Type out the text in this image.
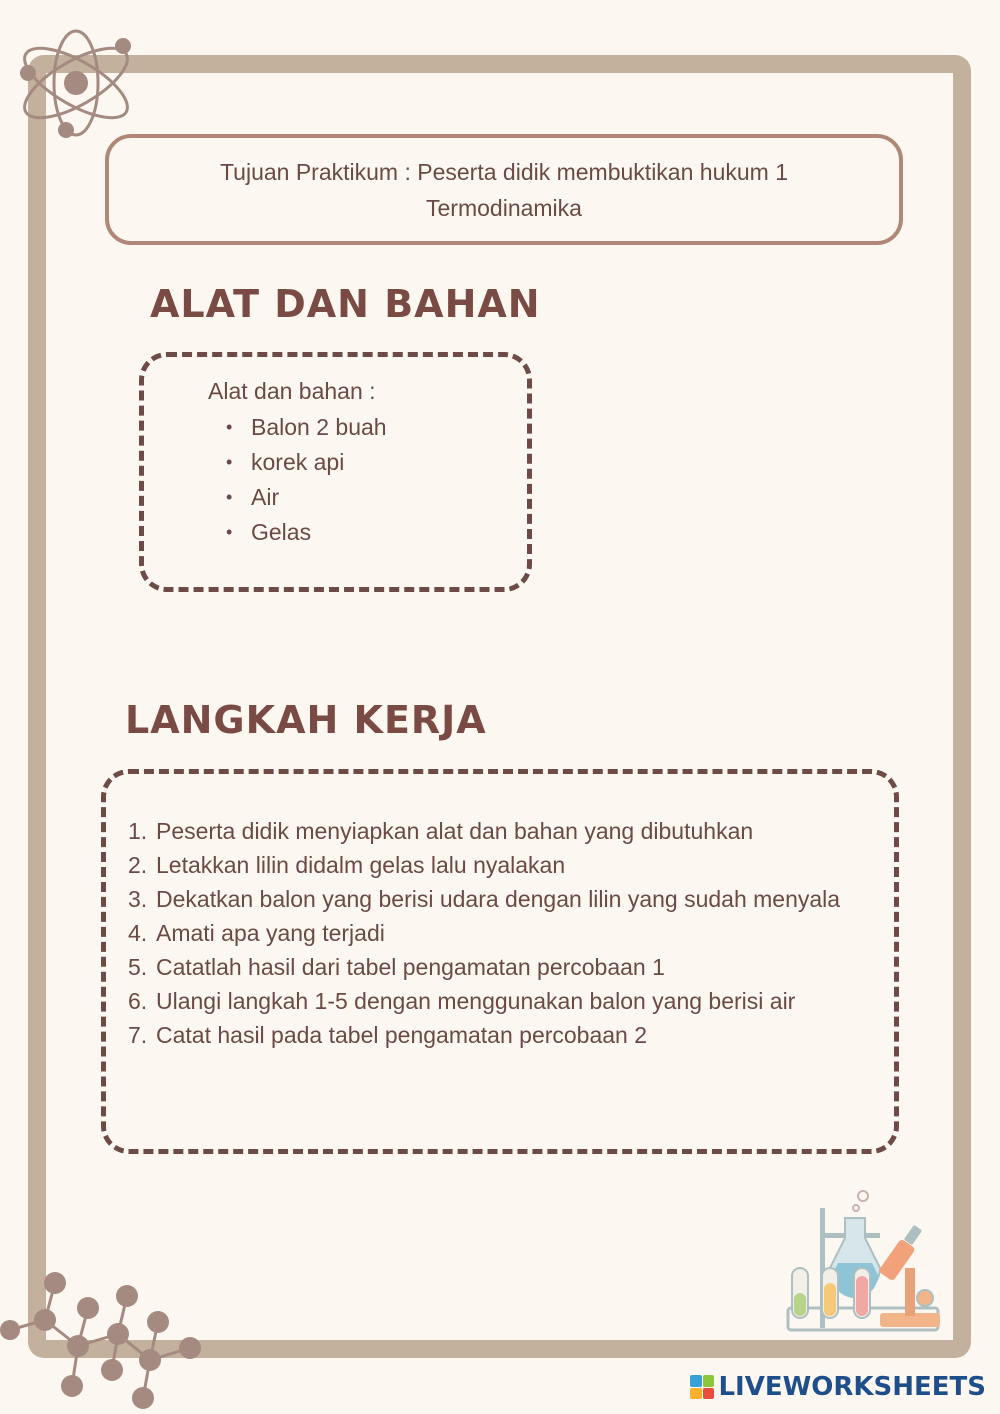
Tujuan Praktikum : Peserta didik membuktikan hukum 1
Termodinamika
ALAT DAN BAHAN
Alat dan bahan :
• Balon 2 buah
• korek api
• Air
• Gelas
LANGKAH KERJA
1. Peserta didik menyiapkan alat dan bahan yang dibutuhkan
2. Letakkan lilin didalm gelas lalu nyalakan
3. Dekatkan balon yang berisi udara dengan lilin yang sudah menyala
4. Amati apa yang terjadi
5. Catatlah hasil dari tabel pengamatan percobaan 1
6. Ulangi langkah 1-5 dengan menggunakan balon yang berisi air
7. Catat hasil pada tabel pengamatan percobaan 2
LIVEWORKSHEETS
